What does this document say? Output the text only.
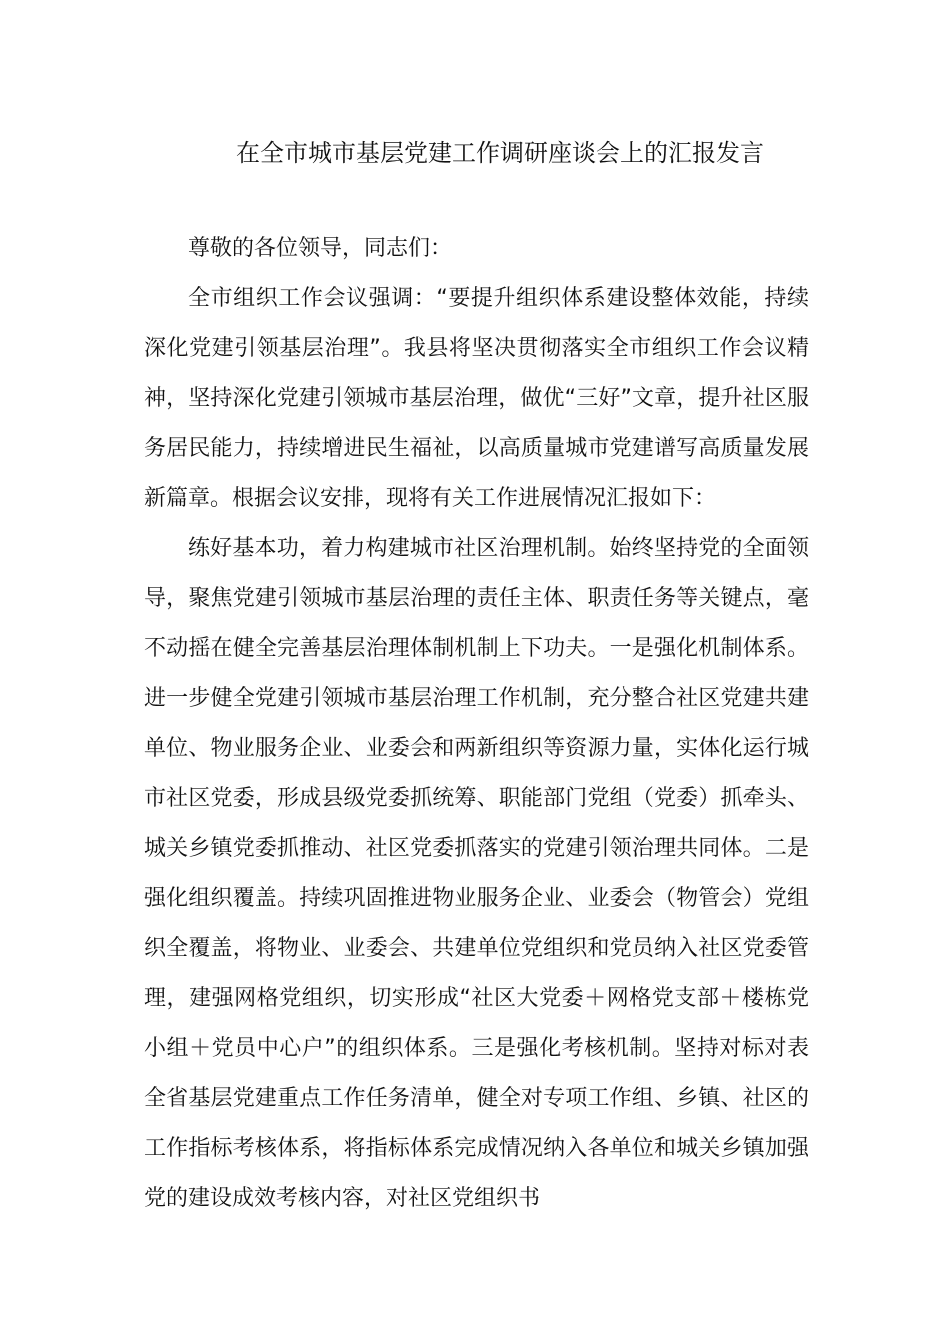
在全市城市基层党建工作调研座谈会上的汇报发言

尊敬的各位领导，同志们：

全市组织工作会议强调：“要提升组织体系建设整体效能，持续深化党建引领基层治理”。我县将坚决贯彻落实全市组织工作会议精神，坚持深化党建引领城市基层治理，做优“三好”文章，提升社区服务居民能力，持续增进民生福祉，以高质量城市党建谱写高质量发展新篇章。根据会议安排，现将有关工作进展情况汇报如下：

练好基本功，着力构建城市社区治理机制。始终坚持党的全面领导，聚焦党建引领城市基层治理的责任主体、职责任务等关键点，毫不动摇在健全完善基层治理体制机制上下功夫。一是强化机制体系。进一步健全党建引领城市基层治理工作机制，充分整合社区党建共建单位、物业服务企业、业委会和两新组织等资源力量，实体化运行城市社区党委，形成县级党委抓统筹、职能部门党组（党委）抓牵头、城关乡镇党委抓推动、社区党委抓落实的党建引领治理共同体。二是强化组织覆盖。持续巩固推进物业服务企业、业委会（物管会）党组织全覆盖，将物业、业委会、共建单位党组织和党员纳入社区党委管理，建强网格党组织，切实形成“社区大党委＋网格党支部＋楼栋党小组＋党员中心户”的组织体系。三是强化考核机制。坚持对标对表全省基层党建重点工作任务清单，健全对专项工作组、乡镇、社区的工作指标考核体系，将指标体系完成情况纳入各单位和城关乡镇加强党的建设成效考核内容，对社区党组织书
